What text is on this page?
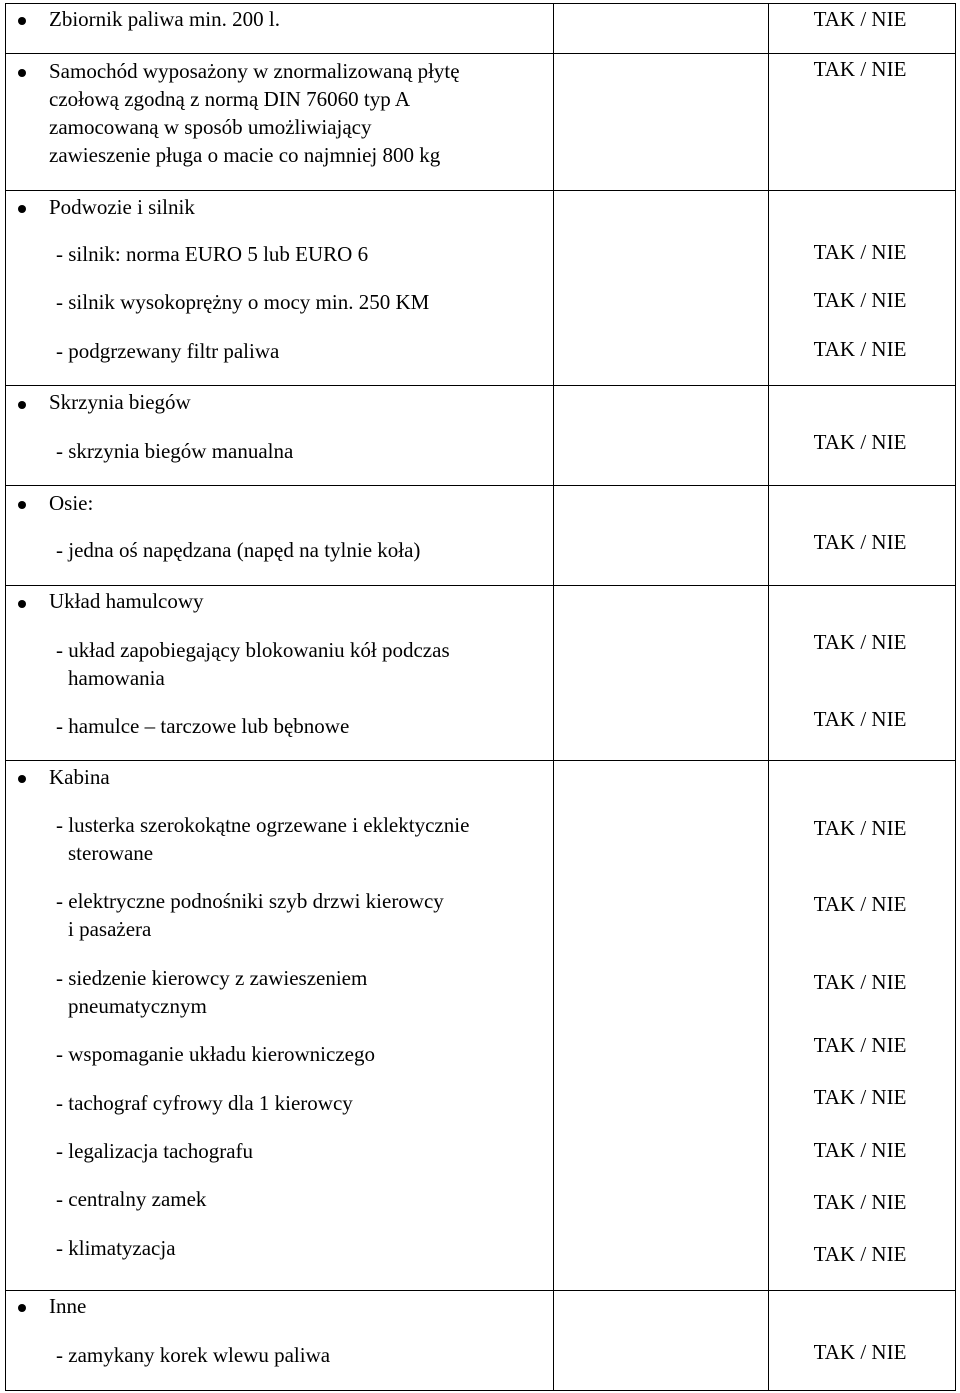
Zbiornik paliwa min. 200 l.	TAK / NIE
Samochód wyposażony w znormalizowaną płytę
czołową zgodną z normą DIN 76060 typ A
zamocowaną w sposób umożliwiający
zawieszenie pługa o macie co najmniej 800 kg
TAK / NIE
Podwozie i silnik
- silnik: norma EURO 5 lub EURO 6	TAK / NIE
- silnik wysokoprężny o mocy min. 250 KM	TAK / NIE
- podgrzewany filtr paliwa	TAK / NIE
Skrzynia biegów
- skrzynia biegów manualna	TAK / NIE
Osie:
- jedna oś napędzana (napęd na tylnie koła)	TAK / NIE
Układ hamulcowy
- układ zapobiegający blokowaniu kół podczas
hamowania
TAK / NIE
- hamulce – tarczowe lub bębnowe	TAK / NIE
Kabina
- lusterka szerokokątne ogrzewane i eklektycznie
sterowane
TAK / NIE
- elektryczne podnośniki szyb drzwi kierowcy
i pasażera
TAK / NIE
- siedzenie kierowcy z zawieszeniem
pneumatycznym
TAK / NIE
- wspomaganie układu kierowniczego	TAK / NIE
- tachograf cyfrowy dla 1 kierowcy	TAK / NIE
- legalizacja tachografu	TAK / NIE
- centralny zamek	TAK / NIE
- klimatyzacja	TAK / NIE
Inne
- zamykany korek wlewu paliwa	TAK / NIE
